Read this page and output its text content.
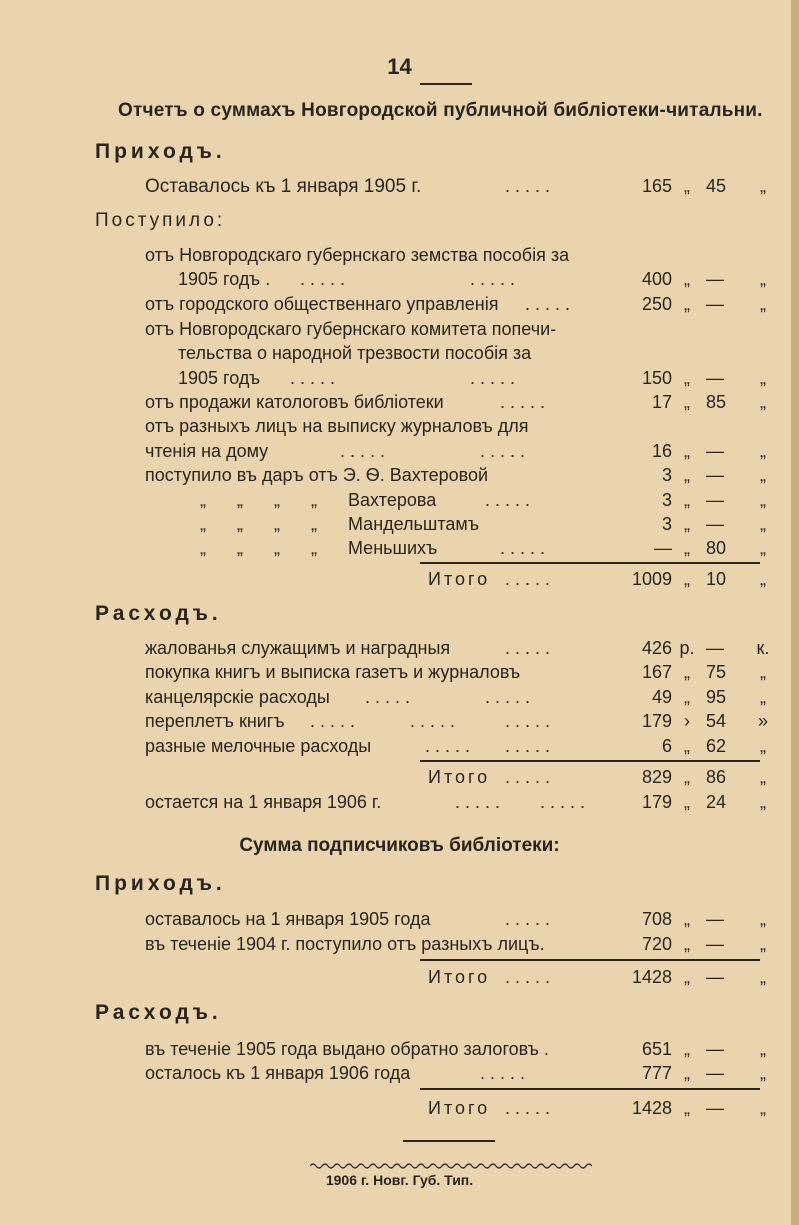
14
Отчетъ о суммахъ Новгородской публичной библіотеки-читальни.
Приходъ.
Оставалось къ 1 января 1905 г.	.....	165 „ 45	„
Поступило:
отъ Новгородскаго губернскаго земства пособія за
1905 годъ . .....	.....	400 „ —	„
отъ городского общественнаго управленія .....	250 „ —	„
отъ Новгородскаго губернскаго комитета попечи-
тельства о народной трезвости пособія за
1905 годъ .....	.....	150 „ —	„
отъ продажи катологовъ библіотеки	.....	17 „ 85	„
отъ разныхъ лицъ на выписку журналовъ для
чтенія на дому	.....	.....	16 „ —	„
поступило въ даръ отъ Э. Ѳ. Вахтеровой	3 „ —	„
„ „ „ „ Вахтерова	.....	3 „ —	„
„ „ „ „ Мандельштамъ	3 „ —	„
„ „ „ „ Меньшихъ	.....	— „ 80	„
Итого .....	1009 „ 10	„
Расходъ.
жалованья служащимъ и наградныя	.....	426 р. —	к.
покупка книгъ и выписка газетъ и журналовъ	167 „ 75	„
канцелярскіе расходы .....	.....	49 „ 95	„
переплетъ книгъ .....	..... .....	179 › 54	»
разные мелочные расходы	..... .....	6 „ 62	„
Итого .....	829 „ 86	„
остается на 1 января 1906 г.	..... .....	179 „ 24	„
Сумма подписчиковъ библіотеки:
Приходъ.
оставалось на 1 января 1905 года	.....	708 „ —	„
въ теченіе 1904 г. поступило отъ разныхъ лицъ.	720 „ —	„
Итого .....	1428 „ —	„
Расходъ.
въ теченіе 1905 года выдано обратно залоговъ .	651 „ —	„
осталось къ 1 января 1906 года	.....	777 „ —	„
Итого .....	1428 „ —	„
1906 г. Новг. Губ. Тип.
